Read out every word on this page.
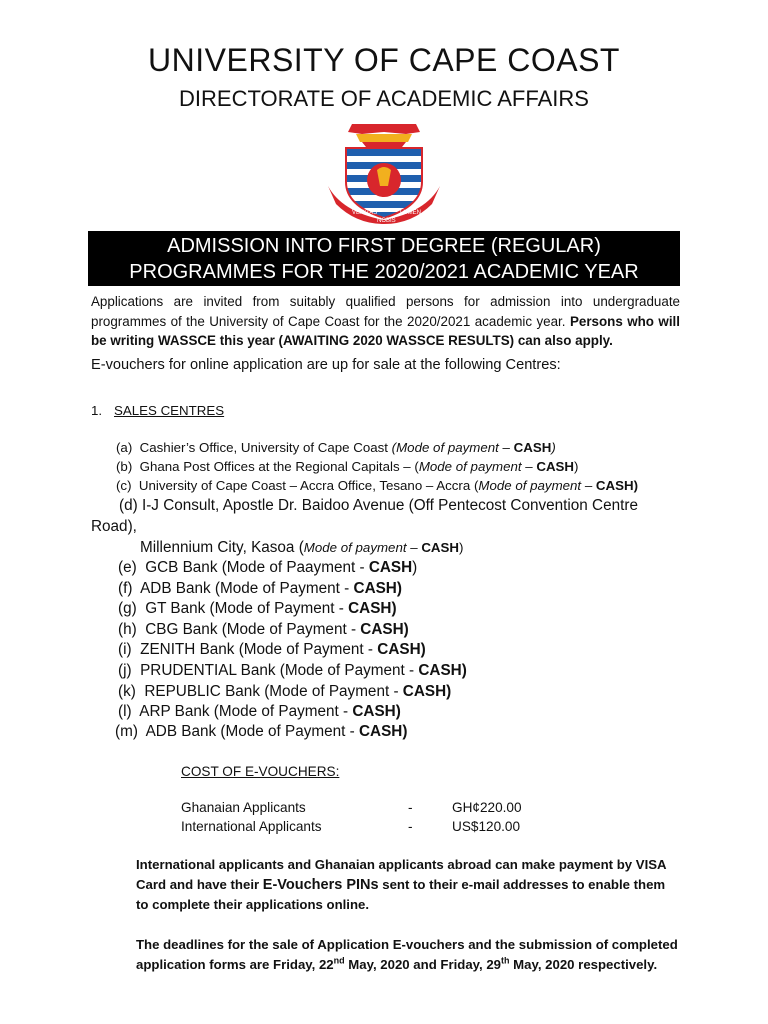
UNIVERSITY OF CAPE COAST
DIRECTORATE OF ACADEMIC AFFAIRS
VERITAS
NOBIS
LUMEN
ADMISSION INTO FIRST DEGREE (REGULAR)
PROGRAMMES FOR THE 2020/2021 ACADEMIC YEAR
Applications are invited from suitably qualified persons for admission into undergraduate programmes of the University of Cape Coast for the 2020/2021 academic year. Persons who will be writing WASSCE this year (AWAITING 2020 WASSCE RESULTS) can also apply.
E-vouchers for online application are up for sale at the following Centres:
1. SALES CENTRES
(a) Cashier’s Office, University of Cape Coast (Mode of payment – CASH)
(b) Ghana Post Offices at the Regional Capitals – (Mode of payment – CASH)
(c) University of Cape Coast – Accra Office, Tesano – Accra (Mode of payment – CASH)
(d) I-J Consult, Apostle Dr. Baidoo Avenue (Off Pentecost Convention Centre
Road),
Millennium City, Kasoa (Mode of payment – CASH)
(e) GCB Bank (Mode of Paayment - CASH)
(f) ADB Bank (Mode of Payment - CASH)
(g) GT Bank (Mode of Payment - CASH)
(h) CBG Bank (Mode of Payment - CASH)
(i) ZENITH Bank (Mode of Payment - CASH)
(j) PRUDENTIAL Bank (Mode of Payment - CASH)
(k) REPUBLIC Bank (Mode of Payment - CASH)
(l) ARP Bank (Mode of Payment - CASH)
(m) ADB Bank (Mode of Payment - CASH)
COST OF E-VOUCHERS:
Ghanaian Applicants	-	GH¢220.00
International Applicants	-	US$120.00
International applicants and Ghanaian applicants abroad can make payment by VISA
Card and have their E-Vouchers PINs sent to their e-mail addresses to enable them
to complete their applications online.
The deadlines for the sale of Application E-vouchers and the submission of completed
application forms are Friday, 22nd May, 2020 and Friday, 29th May, 2020 respectively.
